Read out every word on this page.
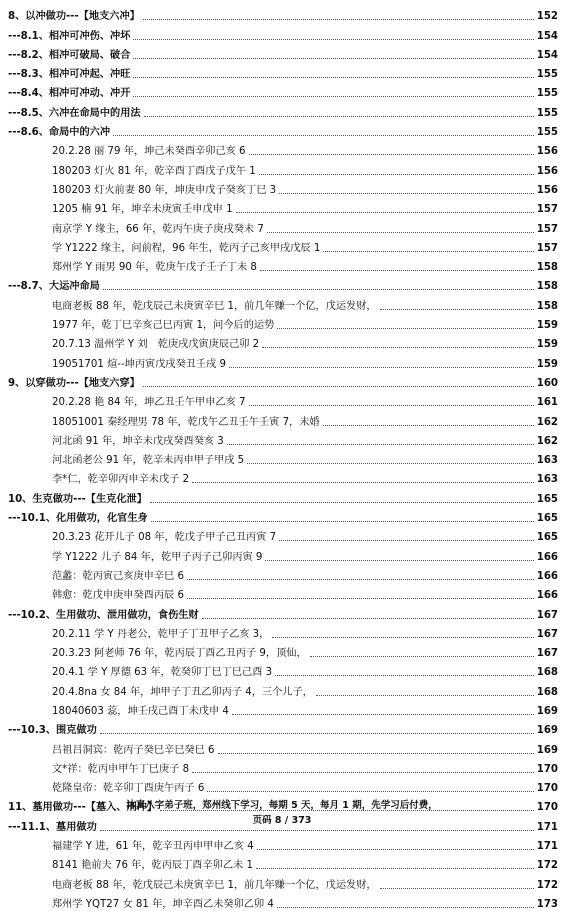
8、以冲做功---【地支六冲】	152
---8.1、相冲可冲伤、冲坏	154
---8.2、相冲可破局、破合	154
---8.3、相冲可冲起、冲旺	155
---8.4、相冲可冲动、冲开	155
---8.5、六冲在命局中的用法	155
---8.6、命局中的六冲	155
20.2.28 丽 79 年，坤己未癸酉辛卯己亥 6	156
180203 灯火 81 年，乾辛酉丁酉戊子戊午 1	156
180203 灯火前妻 80 年，坤庚申戊子癸亥丁巳 3	156
1205 楠 91 年，坤辛未庚寅壬申戊申 1	157
南京学 Y 缘主，66 年，乾丙午庚子庚戌癸未 7	157
学 Y1222 缘主，问前程，96 年生，乾丙子己亥甲戌戊辰 1	157
郑州学 Y 雨男 90 年，乾庚午戊子壬子丁未 8	158
---8.7、大运冲命局	158
电商老板 88 年，乾戊辰己未庚寅辛巳 1，前几年赚一个亿，戊运发财，	158
1977 年，乾丁巳辛亥己巳丙寅 1，问今后的运势	159
20.7.13 温州学 Y 刘　乾庚戌戊寅庚辰己卯 2	159
19051701 煊--坤丙寅戊戌癸丑壬戌 9	159
9、以穿做功---【地支六穿】	160
20.2.28 艳 84 年，坤乙丑壬午甲申乙亥 7	161
18051001 秦经理男 78 年，乾戊午乙丑壬午壬寅 7，未婚	162
河北函 91 年，坤辛未戊戌癸酉癸亥 3	162
河北函老公 91 年，乾辛未丙申甲子甲戌 5	163
李*仁，乾辛卯丙申辛未戊子 2	163
10、生克做功---【生克化泄】	165
---10.1、化用做功，化官生身	165
20.3.23 花开儿子 08 年，乾戊子甲子己丑丙寅 7	165
学 Y1222 儿子 84 年，乾甲子丙子己卯丙寅 9	166
范蠡：乾丙寅己亥庚申辛巳 6	166
韩愈：乾戊申庚申癸酉丙辰 6	166
---10.2、生用做功、泄用做功，食伤生财	167
20.2.11 学 Y 丹老公，乾甲子丁丑甲子乙亥 3，	167
20.3.23 阿老师 76 年，乾丙辰丁酉乙丑丙子 9，顶仙，	167
20.4.1 学 Y 厚德 63 年，乾癸卯丁巳丁巳己酉 3	168
20.4.8na 女 84 年，坤甲子丁丑乙卯丙子 4，三个儿子，	168
18040603 蕊，坤壬戌己酉丁未戊申 4	169
---10.3、围克做功	169
吕祖吕洞宾：乾丙子癸巳辛巳癸巳 6	169
文*祥：乾丙申甲午丁巳庚子 8	170
乾隆皇帝：乾辛卯丁酉庚午丙子 6	170
11、墓用做功---【墓入、刑冲】	170
---11.1、墓用做功	171
福建学 Y 进，61 年，乾辛丑丙申甲申乙亥 4	171
8141 艳前夫 76 年，乾丙辰丁酉辛卯乙未 1	172
电商老板 88 年，乾戊辰己未庚寅辛巳 1，前几年赚一个亿，戊运发财，	172
郑州学 YQT27 女 81 年，坤辛酉乙未癸卯乙卯 4	173
沐真八字弟子班，郑州线下学习，每期 5 天，每月 1 期，先学习后付费，
页码 8 / 373
